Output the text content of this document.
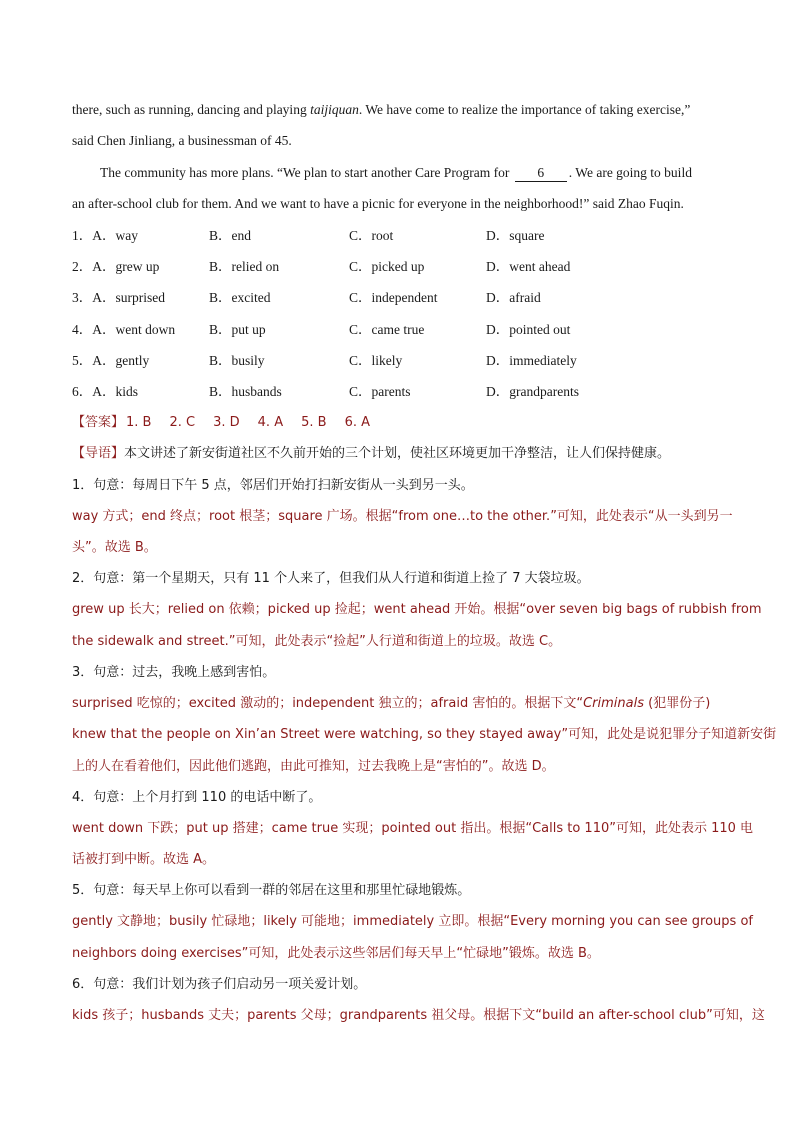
there, such as running, dancing and playing taijiquan. We have come to realize the importance of taking exercise,”
said Chen Jinliang, a businessman of 45.
The community has more plans. “We plan to start another Care Program for 6 . We are going to build
an after-school club for them. And we want to have a picnic for everyone in the neighborhood!” said Zhao Fuqin.
1．A．way	B．end	C．root	D．square
2．A．grew up	B．relied on	C．picked up	D．went ahead
3．A．surprised	B．excited	C．independent	D．afraid
4．A．went down	B．put up	C．came true	D．pointed out
5．A．gently	B．busily	C．likely	D．immediately
6．A．kids	B．husbands	C．parents	D．grandparents
【答案】 1. B 2. C 3. D 4. A 5. B 6. A
【导语】本文讲述了新安街道社区不久前开始的三个计划，使社区环境更加干净整洁，让人们保持健康。
1．句意：每周日下午 5 点，邻居们开始打扫新安街从一头到另一头。
way 方式；end 终点；root 根茎；square 广场。根据“from one…to the other.”可知，此处表示“从一头到另一
头”。故选 B。
2．句意：第一个星期天，只有 11 个人来了，但我们从人行道和街道上捡了 7 大袋垃圾。
grew up 长大；relied on 依赖；picked up 捡起；went ahead 开始。根据“over seven big bags of rubbish from
the sidewalk and street.”可知，此处表示“捡起”人行道和街道上的垃圾。故选 C。
3．句意：过去，我晚上感到害怕。
surprised 吃惊的；excited 激动的；independent 独立的；afraid 害怕的。根据下文“Criminals (犯罪份子)
knew that the people on Xin’an Street were watching, so they stayed away”可知，此处是说犯罪分子知道新安街
上的人在看着他们，因此他们逃跑，由此可推知，过去我晚上是“害怕的”。故选 D。
4．句意：上个月打到 110 的电话中断了。
went down 下跌；put up 搭建；came true 实现；pointed out 指出。根据“Calls to 110”可知，此处表示 110 电
话被打到中断。故选 A。
5．句意：每天早上你可以看到一群的邻居在这里和那里忙碌地锻炼。
gently 文静地；busily 忙碌地；likely 可能地；immediately 立即。根据“Every morning you can see groups of
neighbors doing exercises”可知，此处表示这些邻居们每天早上“忙碌地”锻炼。故选 B。
6．句意：我们计划为孩子们启动另一项关爱计划。
kids 孩子；husbands 丈夫；parents 父母；grandparents 祖父母。根据下文“build an after-school club”可知，这
